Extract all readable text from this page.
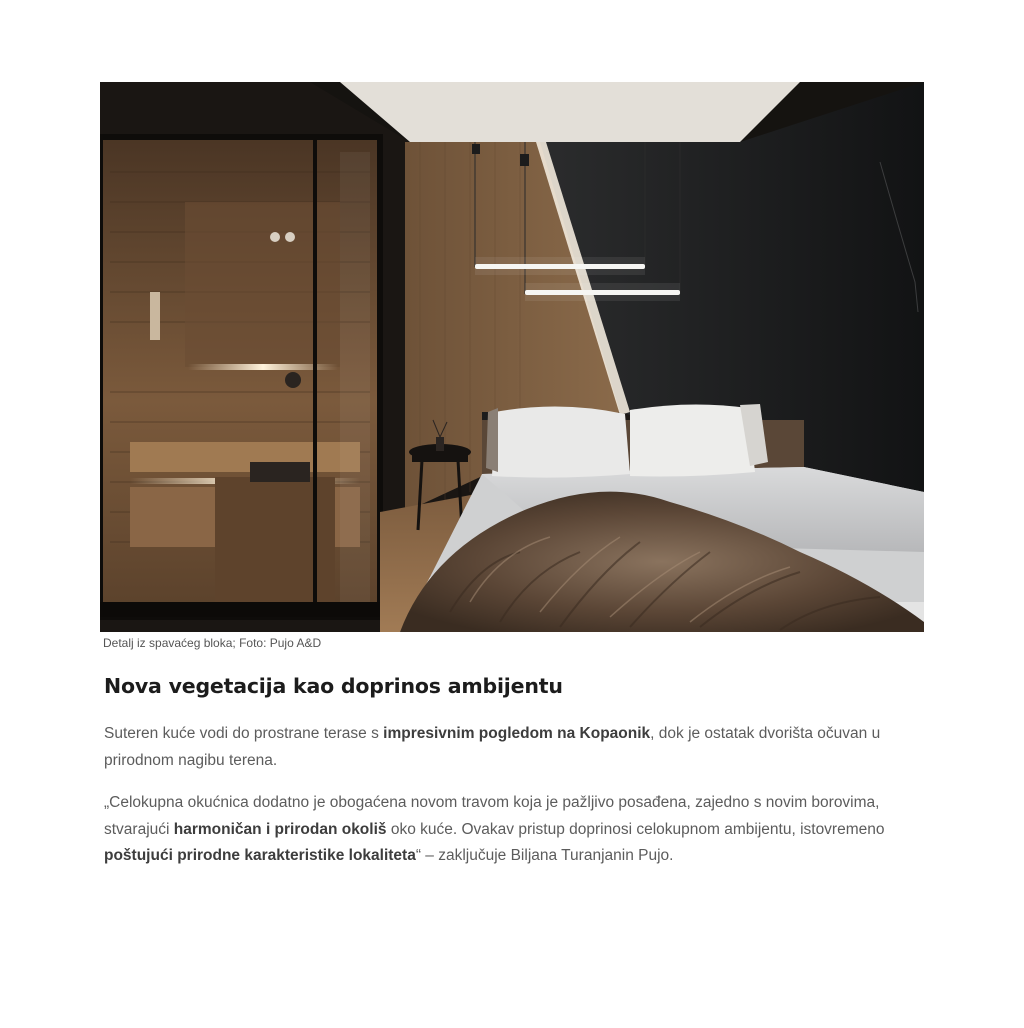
Detalj iz spavaćeg bloka; Foto: Pujo A&D
Nova vegetacija kao doprinos ambijentu

Suteren kuće vodi do prostrane terase s impresivnim pogledom na Kopaonik, dok je ostatak dvorišta očuvan u prirodnom nagibu terena.

„Celokupna okućnica dodatno je obogaćena novom travom koja je pažljivo posađena, zajedno s novim borovima, stvarajući harmoničan i prirodan okoliš oko kuće. Ovakav pristup doprinosi celokupnom ambijentu, istovremeno poštujući prirodne karakteristike lokaliteta“ – zaključuje Biljana Turanjanin Pujo.
